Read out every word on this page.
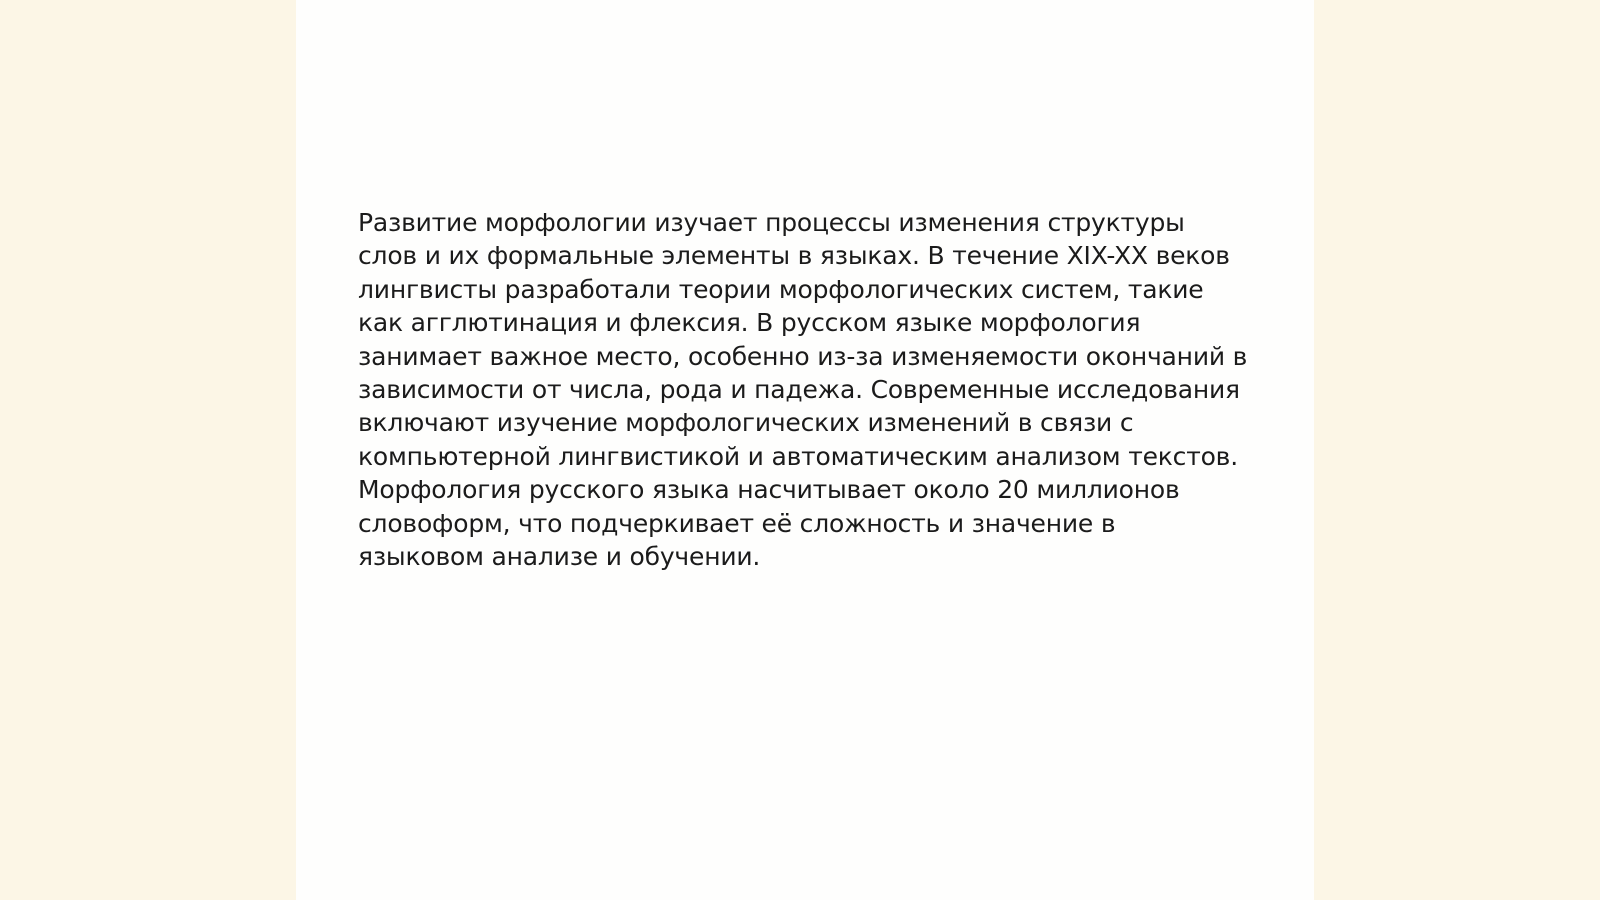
Развитие морфологии изучает процессы изменения структуры слов и их формальные элементы в языках. В течение XIX-XX веков лингвисты разработали теории морфологических систем, такие как агглютинация и флексия. В русском языке морфология занимает важное место, особенно из-за изменяемости окончаний в зависимости от числа, рода и падежа. Современные исследования включают изучение морфологических изменений в связи с компьютерной лингвистикой и автоматическим анализом текстов. Морфология русского языка насчитывает около 20 миллионов словоформ, что подчеркивает её сложность и значение в языковом анализе и обучении.
